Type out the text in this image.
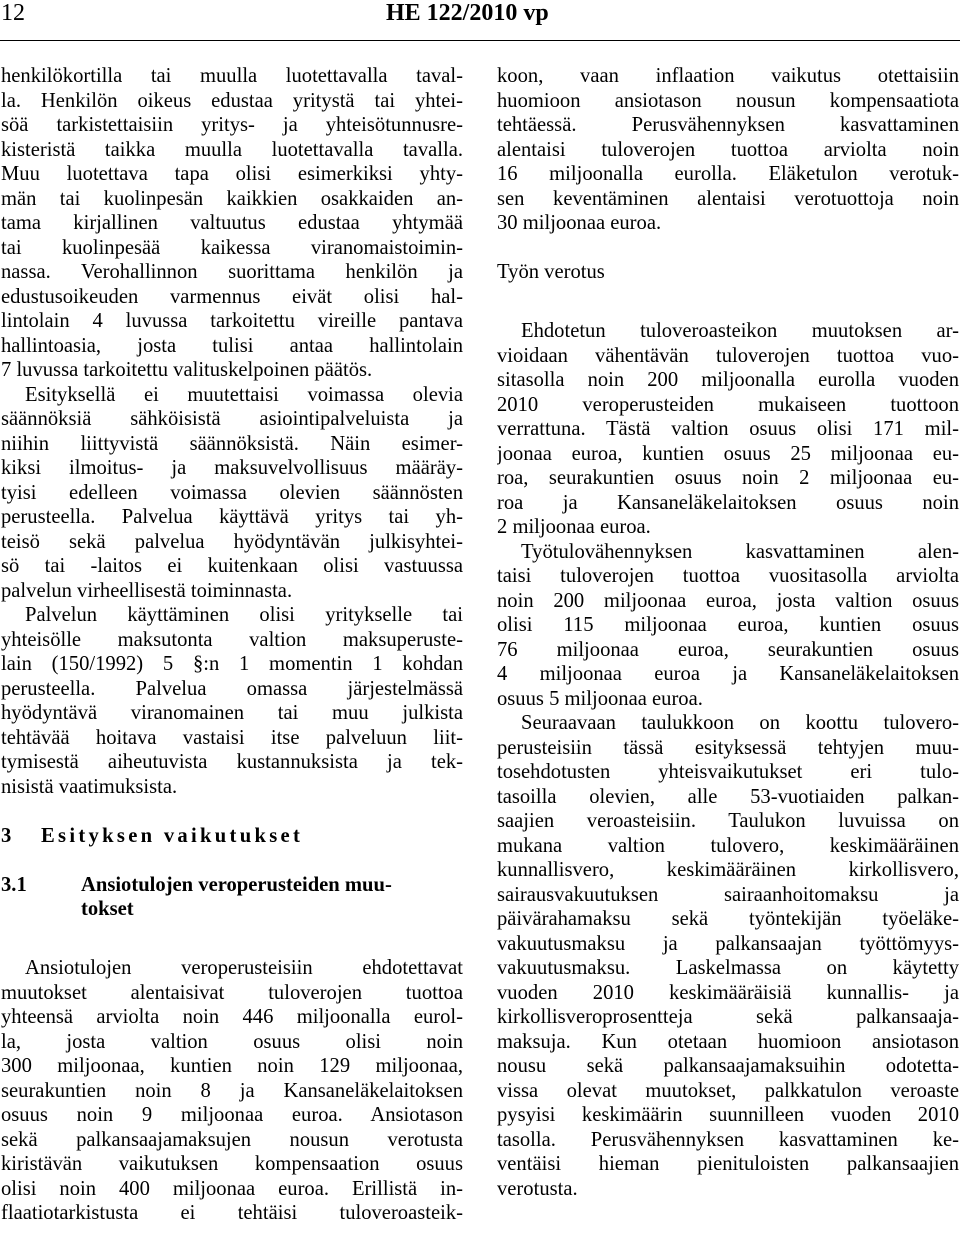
12	HE 122/2010 vp
henkilökortilla tai muulla luotettavalla taval-
la. Henkilön oikeus edustaa yritystä tai yhtei-
söä tarkistettaisiin yritys- ja yhteisötunnusre-
kisteristä taikka muulla luotettavalla tavalla.
Muu luotettava tapa olisi esimerkiksi yhty-
män tai kuolinpesän kaikkien osakkaiden an-
tama kirjallinen valtuutus edustaa yhtymää
tai kuolinpesää kaikessa viranomaistoimin-
nassa. Verohallinnon suorittama henkilön ja
edustusoikeuden varmennus eivät olisi hal-
lintolain 4 luvussa tarkoitettu vireille pantava
hallintoasia, josta tulisi antaa hallintolain
7 luvussa tarkoitettu valituskelpoinen päätös.
Esityksellä ei muutettaisi voimassa olevia
säännöksiä sähköisistä asiointipalveluista ja
niihin liittyvistä säännöksistä. Näin esimer-
kiksi ilmoitus- ja maksuvelvollisuus määräy-
tyisi edelleen voimassa olevien säännösten
perusteella. Palvelua käyttävä yritys tai yh-
teisö sekä palvelua hyödyntävän julkisyhtei-
sö tai -laitos ei kuitenkaan olisi vastuussa
palvelun virheellisestä toiminnasta.
Palvelun käyttäminen olisi yritykselle tai
yhteisölle maksutonta valtion maksuperuste-
lain (150/1992) 5 §:n 1 momentin 1 kohdan
perusteella. Palvelua omassa järjestelmässä
hyödyntävä viranomainen tai muu julkista
tehtävää hoitava vastaisi itse palveluun liit-
tymisestä aiheutuvista kustannuksista ja tek-
nisistä vaatimuksista.
3 Esityksen vaikutukset
3.1	Ansiotulojen veroperusteiden muu-
tokset
Ansiotulojen veroperusteisiin ehdotettavat
muutokset alentaisivat tuloverojen tuottoa
yhteensä arviolta noin 446 miljoonalla eurol-
la, josta valtion osuus olisi noin
300 miljoonaa, kuntien noin 129 miljoonaa,
seurakuntien noin 8 ja Kansaneläkelaitoksen
osuus noin 9 miljoonaa euroa. Ansiotason
sekä palkansaajamaksujen nousun verotusta
kiristävän vaikutuksen kompensaation osuus
olisi noin 400 miljoonaa euroa. Erillistä in-
flaatiotarkistusta ei tehtäisi tuloveroasteik-
koon, vaan inflaation vaikutus otettaisiin
huomioon ansiotason nousun kompensaatiota
tehtäessä. Perusvähennyksen kasvattaminen
alentaisi tuloverojen tuottoa arviolta noin
16 miljoonalla eurolla. Eläketulon verotuk-
sen keventäminen alentaisi verotuottoja noin
30 miljoonaa euroa.
Työn verotus
Ehdotetun tuloveroasteikon muutoksen ar-
vioidaan vähentävän tuloverojen tuottoa vuo-
sitasolla noin 200 miljoonalla eurolla vuoden
2010 veroperusteiden mukaiseen tuottoon
verrattuna. Tästä valtion osuus olisi 171 mil-
joonaa euroa, kuntien osuus 25 miljoonaa eu-
roa, seurakuntien osuus noin 2 miljoonaa eu-
roa ja Kansaneläkelaitoksen osuus noin
2 miljoonaa euroa.
Työtulovähennyksen kasvattaminen alen-
taisi tuloverojen tuottoa vuositasolla arviolta
noin 200 miljoonaa euroa, josta valtion osuus
olisi 115 miljoonaa euroa, kuntien osuus
76 miljoonaa euroa, seurakuntien osuus
4 miljoonaa euroa ja Kansaneläkelaitoksen
osuus 5 miljoonaa euroa.
Seuraavaan taulukkoon on koottu tulovero-
perusteisiin tässä esityksessä tehtyjen muu-
tosehdotusten yhteisvaikutukset eri tulo-
tasoilla olevien, alle 53-vuotiaiden palkan-
saajien veroasteisiin. Taulukon luvuissa on
mukana valtion tulovero, keskimääräinen
kunnallisvero, keskimääräinen kirkollisvero,
sairausvakuutuksen sairaanhoitomaksu ja
päivärahamaksu sekä työntekijän työeläke-
vakuutusmaksu ja palkansaajan työttömyys-
vakuutusmaksu. Laskelmassa on käytetty
vuoden 2010 keskimääräisiä kunnallis- ja
kirkollisveroprosentteja sekä palkansaaja-
maksuja. Kun otetaan huomioon ansiotason
nousu sekä palkansaajamaksuihin odotetta-
vissa olevat muutokset, palkkatulon veroaste
pysyisi keskimäärin suunnilleen vuoden 2010
tasolla. Perusvähennyksen kasvattaminen ke-
ventäisi hieman pienituloisten palkansaajien
verotusta.
